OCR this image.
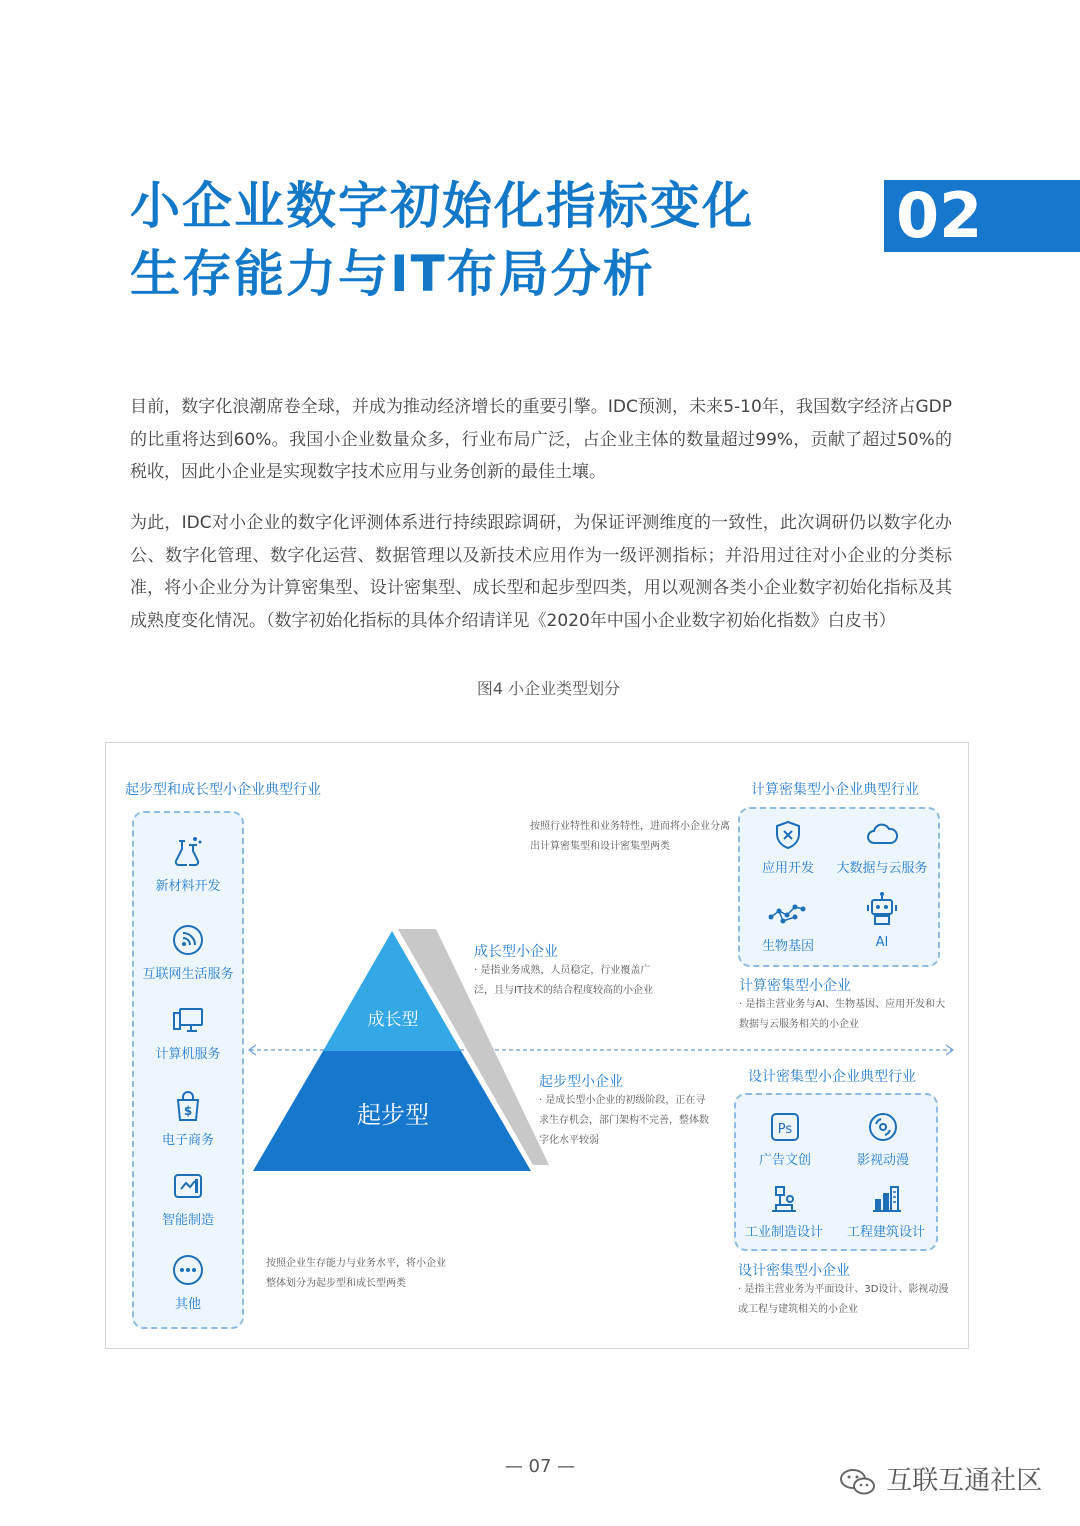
小企业数字初始化指标变化
生存能力与IT布局分析
02
目前，数字化浪潮席卷全球，并成为推动经济增长的重要引擎。IDC预测，未来5-10年，我国数字经济占GDP的比重将达到60%。我国小企业数量众多，行业布局广泛，占企业主体的数量超过99%，贡献了超过50%的税收，因此小企业是实现数字技术应用与业务创新的最佳土壤。
为此，IDC对小企业的数字化评测体系进行持续跟踪调研，为保证评测维度的一致性，此次调研仍以数字化办公、数字化管理、数字化运营、数据管理以及新技术应用作为一级评测指标；并沿用过往对小企业的分类标准，将小企业分为计算密集型、设计密集型、成长型和起步型四类，用以观测各类小企业数字初始化指标及其成熟度变化情况。（数字初始化指标的具体介绍请详见《2020年中国小企业数字初始化指数》白皮书）
图4 小企业类型划分
起步型和成长型小企业典型行业
新材料开发
互联网生活服务
计算机服务
$
电子商务
智能制造
其他
按照行业特性和业务特性，进而将小企业分离出计算密集型和设计密集型两类
按照企业生存能力与业务水平，将小企业整体划分为起步型和成长型两类
成长型
起步型
成长型小企业
· 是指业务成熟，人员稳定，行业覆盖广泛，且与IT技术的结合程度较高的小企业
起步型小企业
· 是成长型小企业的初级阶段，正在寻求生存机会，部门架构不完善，整体数字化水平较弱
计算密集型小企业典型行业
应用开发	大数据与云服务
生物基因	AI
计算密集型小企业
· 是指主营业务与AI、生物基因、应用开发和大数据与云服务相关的小企业
设计密集型小企业典型行业
Ps
广告文创	影视动漫
工业制造设计	工程建筑设计
设计密集型小企业
· 是指主营业务为平面设计、3D设计、影视动漫或工程与建筑相关的小企业
— 07 —	互联互通社区
